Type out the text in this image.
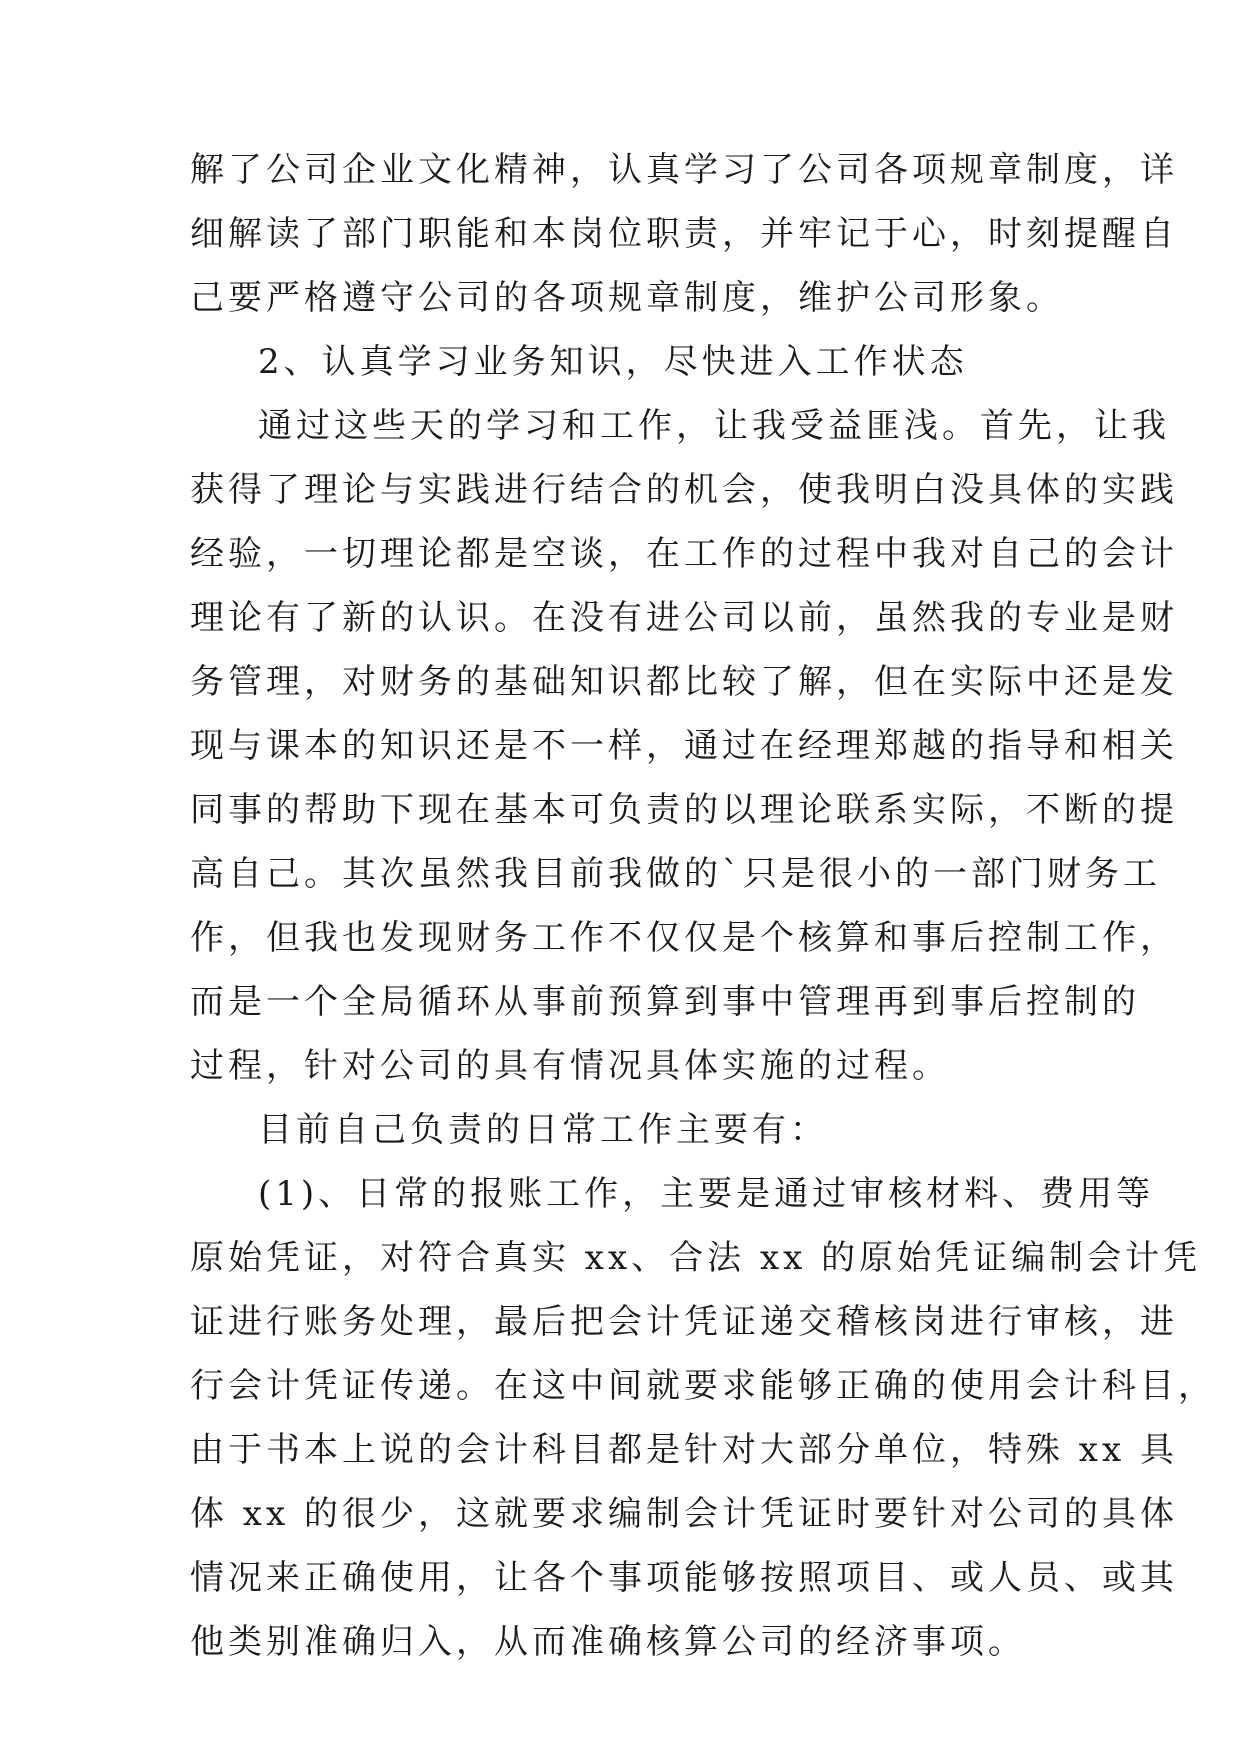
解了公司企业文化精神，认真学习了公司各项规章制度，详
细解读了部门职能和本岗位职责，并牢记于心，时刻提醒自
己要严格遵守公司的各项规章制度，维护公司形象。
2、认真学习业务知识，尽快进入工作状态
通过这些天的学习和工作，让我受益匪浅。首先，让我
获得了理论与实践进行结合的机会，使我明白没具体的实践
经验，一切理论都是空谈，在工作的过程中我对自己的会计
理论有了新的认识。在没有进公司以前，虽然我的专业是财
务管理，对财务的基础知识都比较了解，但在实际中还是发
现与课本的知识还是不一样，通过在经理郑越的指导和相关
同事的帮助下现在基本可负责的以理论联系实际，不断的提
高自己。其次虽然我目前我做的`只是很小的一部门财务工
作，但我也发现财务工作不仅仅是个核算和事后控制工作，
而是一个全局循环从事前预算到事中管理再到事后控制的
过程，针对公司的具有情况具体实施的过程。
目前自己负责的日常工作主要有：
(1)、日常的报账工作，主要是通过审核材料、费用等
原始凭证，对符合真实 xx、合法 xx 的原始凭证编制会计凭
证进行账务处理，最后把会计凭证递交稽核岗进行审核，进
行会计凭证传递。在这中间就要求能够正确的使用会计科目，
由于书本上说的会计科目都是针对大部分单位，特殊 xx 具
体 xx 的很少，这就要求编制会计凭证时要针对公司的具体
情况来正确使用，让各个事项能够按照项目、或人员、或其
他类别准确归入，从而准确核算公司的经济事项。
